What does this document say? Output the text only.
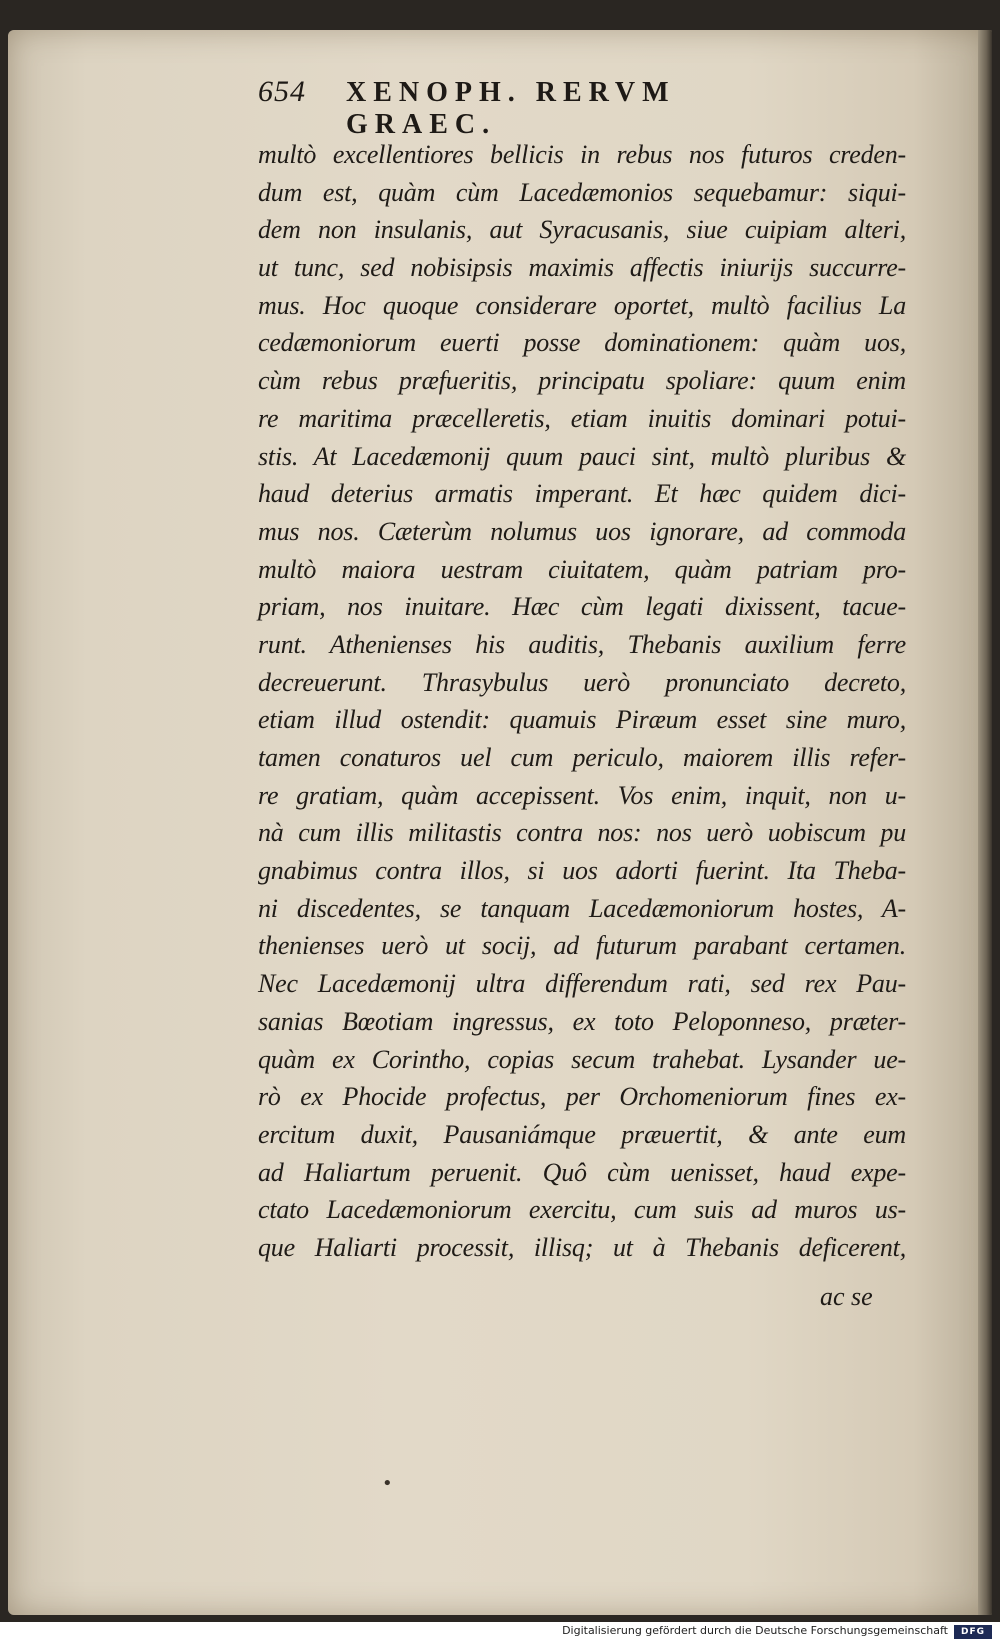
654	XENOPH. RERVM GRAEC.
multò excellentiores bellicis in rebus nos futuros creden-
dum est, quàm cùm Lacedæmonios sequebamur: siqui-
dem non insulanis, aut Syracusanis, siue cuipiam alteri,
ut tunc, sed nobisipsis maximis affectis iniurijs succurre-
mus. Hoc quoque considerare oportet, multò facilius La
cedæmoniorum euerti posse dominationem: quàm uos,
cùm rebus præfueritis, principatu spoliare: quum enim
re maritima præcelleretis, etiam inuitis dominari potui-
stis. At Lacedæmonij quum pauci sint, multò pluribus &
haud deterius armatis imperant. Et hæc quidem dici-
mus nos. Cæterùm nolumus uos ignorare, ad commoda
multò maiora uestram ciuitatem, quàm patriam pro-
priam, nos inuitare. Hæc cùm legati dixissent, tacue-
runt. Athenienses his auditis, Thebanis auxilium ferre
decreuerunt. Thrasybulus uerò pronunciato decreto,
etiam illud ostendit: quamuis Piræum esset sine muro,
tamen conaturos uel cum periculo, maiorem illis refer-
re gratiam, quàm accepissent. Vos enim, inquit, non u-
nà cum illis militastis contra nos: nos uerò uobiscum pu
gnabimus contra illos, si uos adorti fuerint. Ita Theba-
ni discedentes, se tanquam Lacedæmoniorum hostes, A-
thenienses uerò ut socij, ad futurum parabant certamen.
Nec Lacedæmonij ultra differendum rati, sed rex Pau-
sanias Bœotiam ingressus, ex toto Peloponneso, præter-
quàm ex Corintho, copias secum trahebat. Lysander ue-
rò ex Phocide profectus, per Orchomeniorum fines ex-
ercitum duxit, Pausaniámque præuertit, & ante eum
ad Haliartum peruenit. Quô cùm uenisset, haud expe-
ctato Lacedæmoniorum exercitu, cum suis ad muros us-
que Haliarti processit, illisq; ut à Thebanis deficerent,
ac se
•
Digitalisierung gefördert durch die Deutsche Forschungsgemeinschaft	DFG
